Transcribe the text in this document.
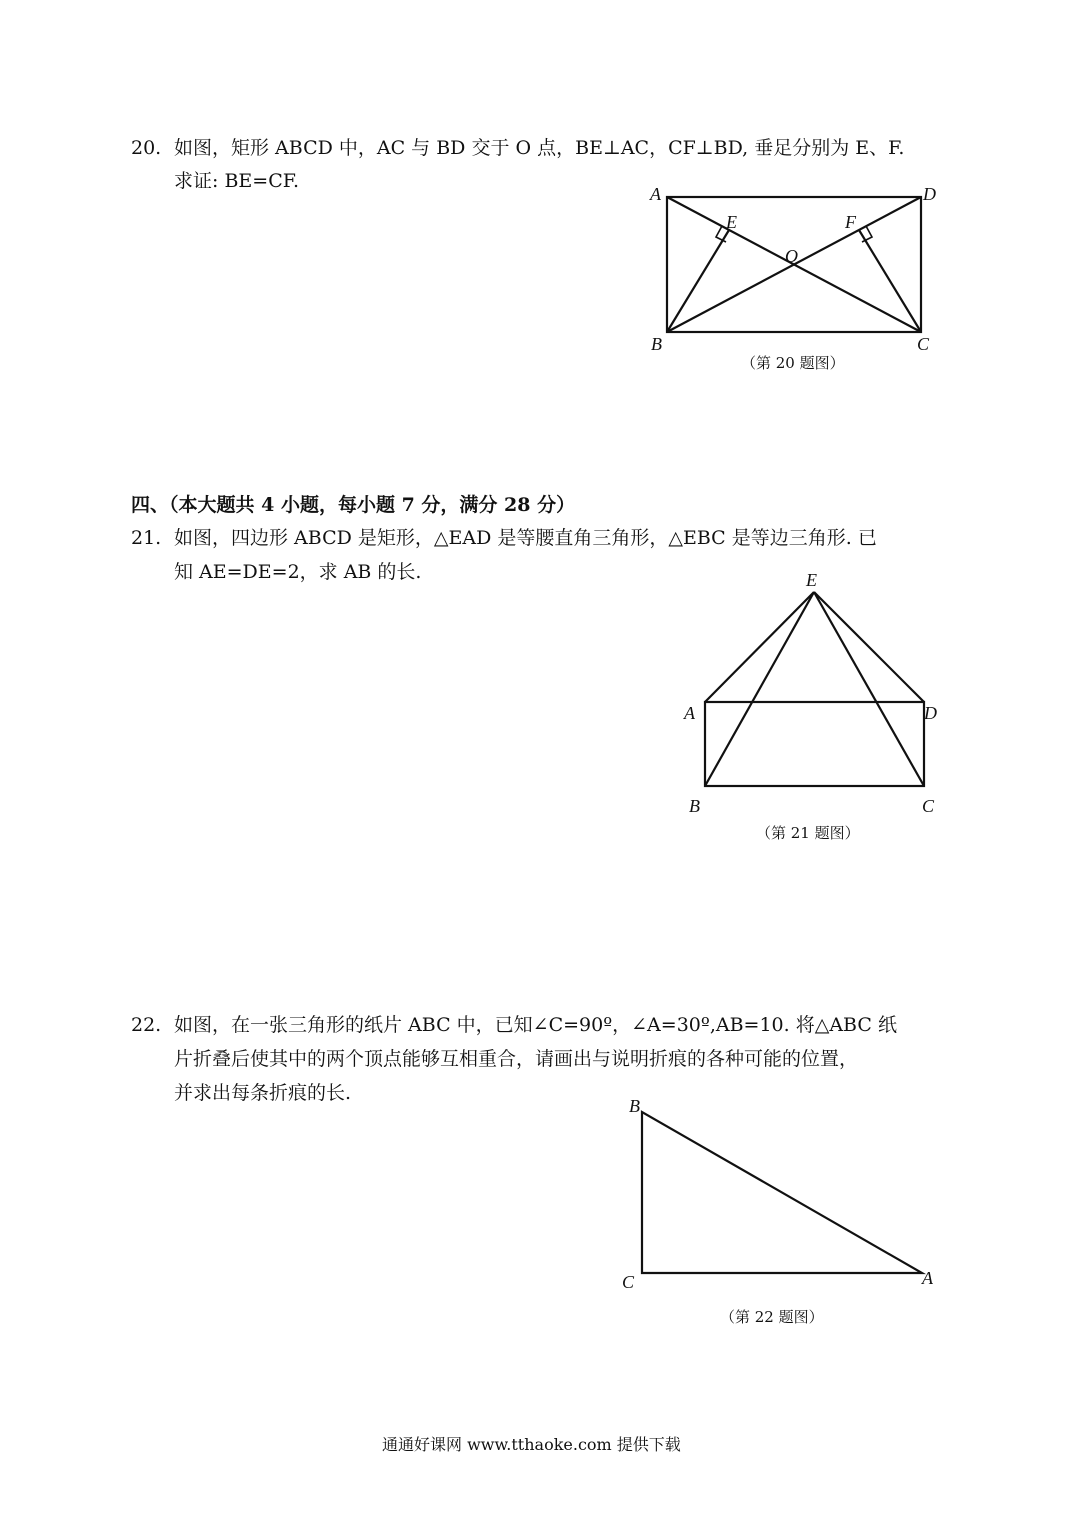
20. 如图，矩形 ABCD 中，AC 与 BD 交于 O 点，BE⊥AC，CF⊥BD, 垂足分别为 E、F.
求证: BE=CF.
A	D
B	C
E	F
O
（第 20 题图）
四、（本大题共 4 小题，每小题 7 分，满分 28 分）
21. 如图，四边形 ABCD 是矩形，△EAD 是等腰直角三角形，△EBC 是等边三角形. 已
知 AE=DE=2，求 AB 的长.	E
A	D
B	C
（第 21 题图）
22. 如图，在一张三角形的纸片 ABC 中，已知∠C=90º，∠A=30º,AB=10. 将△ABC 纸
片折叠后使其中的两个顶点能够互相重合，请画出与说明折痕的各种可能的位置，
并求出每条折痕的长.
B
C	A
（第 22 题图）
通通好课网 www.tthaoke.com 提供下载
